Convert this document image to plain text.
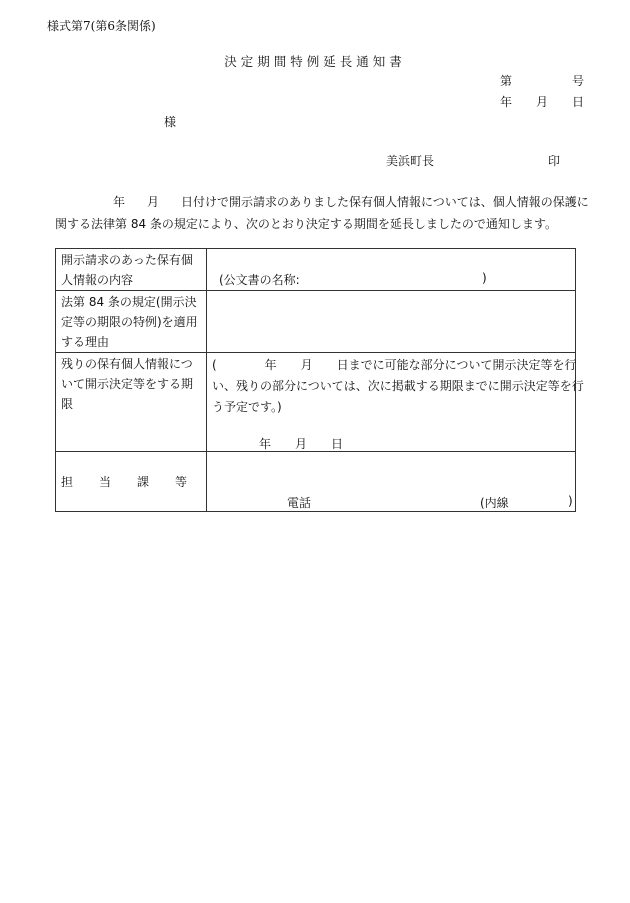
様式第7(第6条関係)
決定期間特例延長通知書
第	号
年 月 日
様
美浜町長	印
年 月 日付けで開示請求のありました保有個人情報については、個人情報の保護に
関する法律第 84 条の規定により、次のとおり決定する期間を延長しましたので通知します。
開示請求のあった保有個人情報の内容	(公文書の名称: )

法第 84 条の規定(開示決定等の期限の特例)を適用する理由	
残りの保有個人情報について開示決定等をする期限	(　　　　年　　月　　日までに可能な部分について開示決定等を行い、残りの部分については、次に掲載する期限までに開示決定等を行う予定です。)
年　　月　　日

担 当 課 等	電話 (内線 )
